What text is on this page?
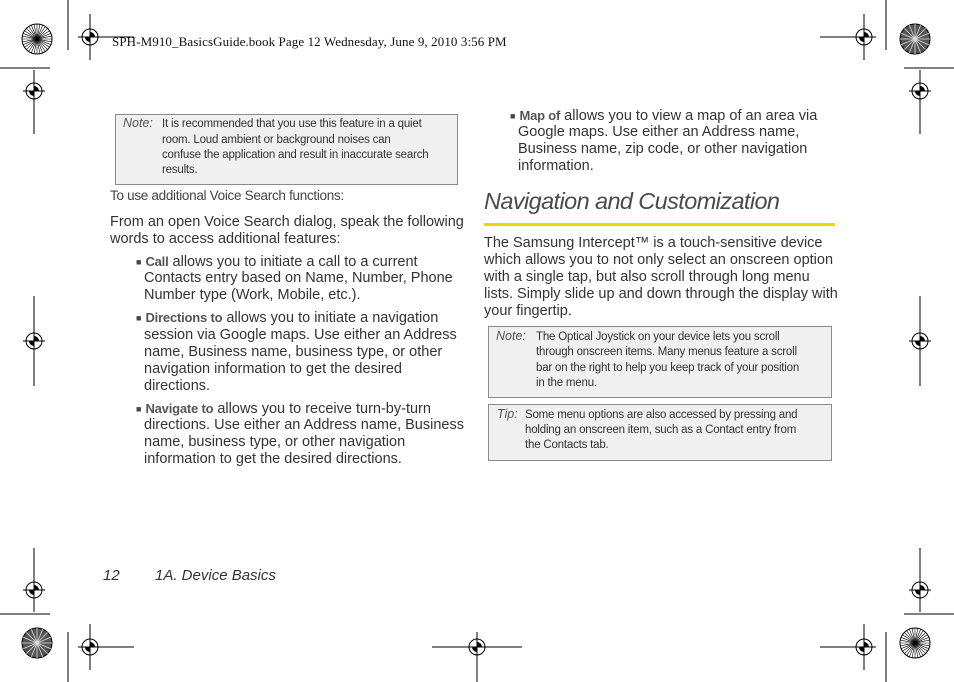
SPH-M910_BasicsGuide.book Page 12 Wednesday, June 9, 2010 3:56 PM
Note: It is recommended that you use this feature in a quiet
room. Loud ambient or background noises can
confuse the application and result in inaccurate search
results.
To use additional Voice Search functions:
From an open Voice Search dialog, speak the following
words to access additional features:
■ Call allows you to initiate a call to a current
Contacts entry based on Name, Number, Phone
Number type (Work, Mobile, etc.).
■ Directions to allows you to initiate a navigation
session via Google maps. Use either an Address
name, Business name, business type, or other
navigation information to get the desired
directions.
■ Navigate to allows you to receive turn-by-turn
directions. Use either an Address name, Business
name, business type, or other navigation
information to get the desired directions.
■ Map of allows you to view a map of an area via
Google maps. Use either an Address name,
Business name, zip code, or other navigation
information.
Navigation and Customization
The Samsung Intercept™ is a touch-sensitive device
which allows you to not only select an onscreen option
with a single tap, but also scroll through long menu
lists. Simply slide up and down through the display with
your fingertip.
Note: The Optical Joystick on your device lets you scroll
through onscreen items. Many menus feature a scroll
bar on the right to help you keep track of your position
in the menu.
Tip: Some menu options are also accessed by pressing and
holding an onscreen item, such as a Contact entry from
the Contacts tab.
12 1A. Device Basics
